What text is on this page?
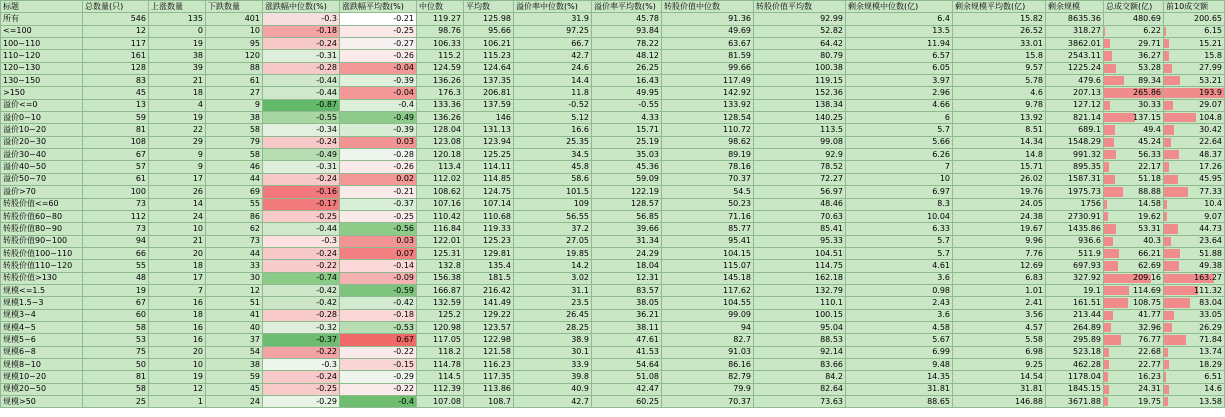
标题	总数量(只)	上涨数量	下跌数量	涨跌幅中位数(%)	涨跌幅平均数(%)	中位数	平均数	溢价率中位数(%)	溢价率平均数(%)	转股价值中位数	转股价值平均数	剩余规模中位数(亿)	剩余规模平均数(亿)	剩余规模	总成交额(亿)	前10成交额
所有	546	135	401	-0.3	-0.21	119.27	125.98	31.9	45.78	91.36	92.99	6.4	15.82	8635.36	480.69	200.65
<=100	12	0	10	-0.18	-0.25	98.76	95.66	97.25	93.84	49.69	52.82	13.5	26.52	318.27	6.22	6.15
100~110	117	19	95	-0.24	-0.27	106.33	106.21	66.7	78.22	63.67	64.42	11.94	33.01	3862.01	29.71	15.21
110~120	161	38	120	-0.31	-0.26	115.2	115.23	42.7	48.12	81.59	80.79	6.57	15.8	2543.11	36.27	15.8
120~130	128	39	88	-0.28	-0.04	124.59	124.64	24.6	26.25	99.66	100.38	6.05	9.57	1225.24	53.28	27.99
130~150	83	21	61	-0.44	-0.39	136.26	137.35	14.4	16.43	117.49	119.15	3.97	5.78	479.6	89.34	53.21
>150	45	18	27	-0.44	-0.04	176.3	206.81	11.8	49.95	142.92	152.36	2.96	4.6	207.13	265.86	193.9
溢价<=0	13	4	9	-0.87	-0.4	133.36	137.59	-0.52	-0.55	133.92	138.34	4.66	9.78	127.12	30.33	29.07
溢价0~10	59	19	38	-0.55	-0.49	136.26	146	5.12	4.33	128.54	140.25	6	13.92	821.14	137.15	104.8
溢价10~20	81	22	58	-0.34	-0.39	128.04	131.13	16.6	15.71	110.72	113.5	5.7	8.51	689.1	49.4	30.42
溢价20~30	108	29	79	-0.24	0.03	123.08	123.94	25.35	25.19	98.62	99.08	5.66	14.34	1548.29	45.24	22.64
溢价30~40	67	9	58	-0.49	-0.28	120.18	125.25	34.5	35.03	89.19	92.9	6.26	14.8	991.32	56.33	48.37
溢价40~50	57	9	46	-0.31	-0.26	113.4	114.11	45.8	45.36	78.16	78.52	7	15.71	895.35	22.17	17.26
溢价50~70	61	17	44	-0.24	0.02	112.02	114.85	58.6	59.09	70.37	72.27	10	26.02	1587.31	51.18	45.95
溢价>70	100	26	69	-0.16	-0.21	108.62	124.75	101.5	122.19	54.5	56.97	6.97	19.76	1975.73	88.88	77.33
转股价值<=60	73	14	55	-0.17	-0.37	107.16	107.14	109	128.57	50.23	48.46	8.3	24.05	1756	14.58	10.4
转股价值60~80	112	24	86	-0.25	-0.25	110.42	110.68	56.55	56.85	71.16	70.63	10.04	24.38	2730.91	19.62	9.07
转股价值80~90	73	10	62	-0.44	-0.56	116.84	119.33	37.2	39.66	85.77	85.41	6.33	19.67	1435.86	53.31	44.73
转股价值90~100	94	21	73	-0.3	0.03	122.01	125.23	27.05	31.34	95.41	95.33	5.7	9.96	936.6	40.3	23.64
转股价值100~110	66	20	44	-0.24	0.07	125.31	129.81	19.85	24.29	104.15	104.51	5.7	7.76	511.9	66.21	51.88
转股价值110~120	55	18	33	-0.22	-0.14	132.8	135.4	14.2	18.04	115.07	114.75	4.61	12.69	697.93	62.69	49.38
转股价值>130	48	17	30	-0.74	-0.09	156.38	181.5	3.02	12.31	145.18	162.18	3.6	6.83	327.92	209.16	163.27
规模<=1.5	19	7	12	-0.42	-0.59	166.87	216.42	31.1	83.57	117.62	132.79	0.98	1.01	19.1	114.69	111.32
规模1.5~3	67	16	51	-0.42	-0.42	132.59	141.49	23.5	38.05	104.55	110.1	2.43	2.41	161.51	108.75	83.04
规模3~4	60	18	41	-0.28	-0.18	125.2	129.22	26.45	36.21	99.09	100.15	3.6	3.56	213.44	41.77	33.05
规模4~5	58	16	40	-0.32	-0.53	120.98	123.57	28.25	38.11	94	95.04	4.58	4.57	264.89	32.96	26.29
规模5~6	53	16	37	-0.37	0.67	117.05	122.98	38.9	47.61	82.7	88.53	5.67	5.58	295.89	76.77	71.84
规模6~8	75	20	54	-0.22	-0.22	118.2	121.58	30.1	41.53	91.03	92.14	6.99	6.98	523.18	22.68	13.74
规模8~10	50	10	38	-0.3	-0.15	114.78	116.23	33.9	54.64	86.16	83.66	9.48	9.25	462.28	22.77	18.29
规模10~20	81	19	59	-0.24	-0.29	114.5	117.35	39.8	51.08	82.79	84.2	14.35	14.54	1178.04	16.23	6.51
规模20~50	58	12	45	-0.25	-0.22	112.39	113.86	40.9	42.47	79.9	82.64	31.81	31.81	1845.15	24.31	14.6
规模>50	25	1	24	-0.29	-0.4	107.08	108.7	42.7	60.25	70.37	73.63	88.65	146.88	3671.88	19.75	13.58
